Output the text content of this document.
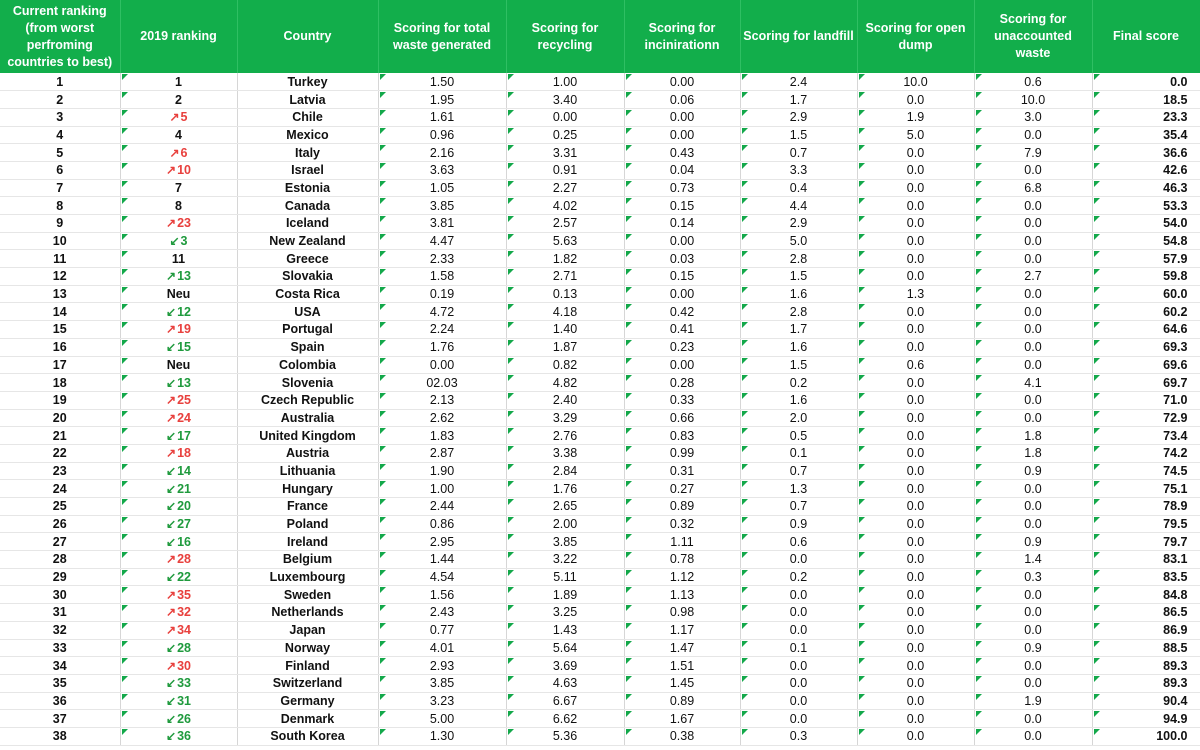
Current ranking (from worst perfroming countries to best)	2019 ranking	Country	Scoring for total waste generated	Scoring for recycling	Scoring for incinirationn	Scoring for landfill	Scoring for open dump	Scoring for unaccounted waste	Final score
1	1	Turkey	1.50	1.00	0.00	2.4	10.0	0.6	0.0
2	2	Latvia	1.95	3.40	0.06	1.7	0.0	10.0	18.5
3	↗5	Chile	1.61	0.00	0.00	2.9	1.9	3.0	23.3
4	4	Mexico	0.96	0.25	0.00	1.5	5.0	0.0	35.4
5	↗6	Italy	2.16	3.31	0.43	0.7	0.0	7.9	36.6
6	↗10	Israel	3.63	0.91	0.04	3.3	0.0	0.0	42.6
7	7	Estonia	1.05	2.27	0.73	0.4	0.0	6.8	46.3
8	8	Canada	3.85	4.02	0.15	4.4	0.0	0.0	53.3
9	↗23	Iceland	3.81	2.57	0.14	2.9	0.0	0.0	54.0
10	↙3	New Zealand	4.47	5.63	0.00	5.0	0.0	0.0	54.8
11	11	Greece	2.33	1.82	0.03	2.8	0.0	0.0	57.9
12	↗13	Slovakia	1.58	2.71	0.15	1.5	0.0	2.7	59.8
13	Neu	Costa Rica	0.19	0.13	0.00	1.6	1.3	0.0	60.0
14	↙12	USA	4.72	4.18	0.42	2.8	0.0	0.0	60.2
15	↗19	Portugal	2.24	1.40	0.41	1.7	0.0	0.0	64.6
16	↙15	Spain	1.76	1.87	0.23	1.6	0.0	0.0	69.3
17	Neu	Colombia	0.00	0.82	0.00	1.5	0.6	0.0	69.6
18	↙13	Slovenia	02.03	4.82	0.28	0.2	0.0	4.1	69.7
19	↗25	Czech Republic	2.13	2.40	0.33	1.6	0.0	0.0	71.0
20	↗24	Australia	2.62	3.29	0.66	2.0	0.0	0.0	72.9
21	↙17	United Kingdom	1.83	2.76	0.83	0.5	0.0	1.8	73.4
22	↗18	Austria	2.87	3.38	0.99	0.1	0.0	1.8	74.2
23	↙14	Lithuania	1.90	2.84	0.31	0.7	0.0	0.9	74.5
24	↙21	Hungary	1.00	1.76	0.27	1.3	0.0	0.0	75.1
25	↙20	France	2.44	2.65	0.89	0.7	0.0	0.0	78.9
26	↙27	Poland	0.86	2.00	0.32	0.9	0.0	0.0	79.5
27	↙16	Ireland	2.95	3.85	1.11	0.6	0.0	0.9	79.7
28	↗28	Belgium	1.44	3.22	0.78	0.0	0.0	1.4	83.1
29	↙22	Luxembourg	4.54	5.11	1.12	0.2	0.0	0.3	83.5
30	↗35	Sweden	1.56	1.89	1.13	0.0	0.0	0.0	84.8
31	↗32	Netherlands	2.43	3.25	0.98	0.0	0.0	0.0	86.5
32	↗34	Japan	0.77	1.43	1.17	0.0	0.0	0.0	86.9
33	↙28	Norway	4.01	5.64	1.47	0.1	0.0	0.9	88.5
34	↗30	Finland	2.93	3.69	1.51	0.0	0.0	0.0	89.3
35	↙33	Switzerland	3.85	4.63	1.45	0.0	0.0	0.0	89.3
36	↙31	Germany	3.23	6.67	0.89	0.0	0.0	1.9	90.4
37	↙26	Denmark	5.00	6.62	1.67	0.0	0.0	0.0	94.9
38	↙36	South Korea	1.30	5.36	0.38	0.3	0.0	0.0	100.0
